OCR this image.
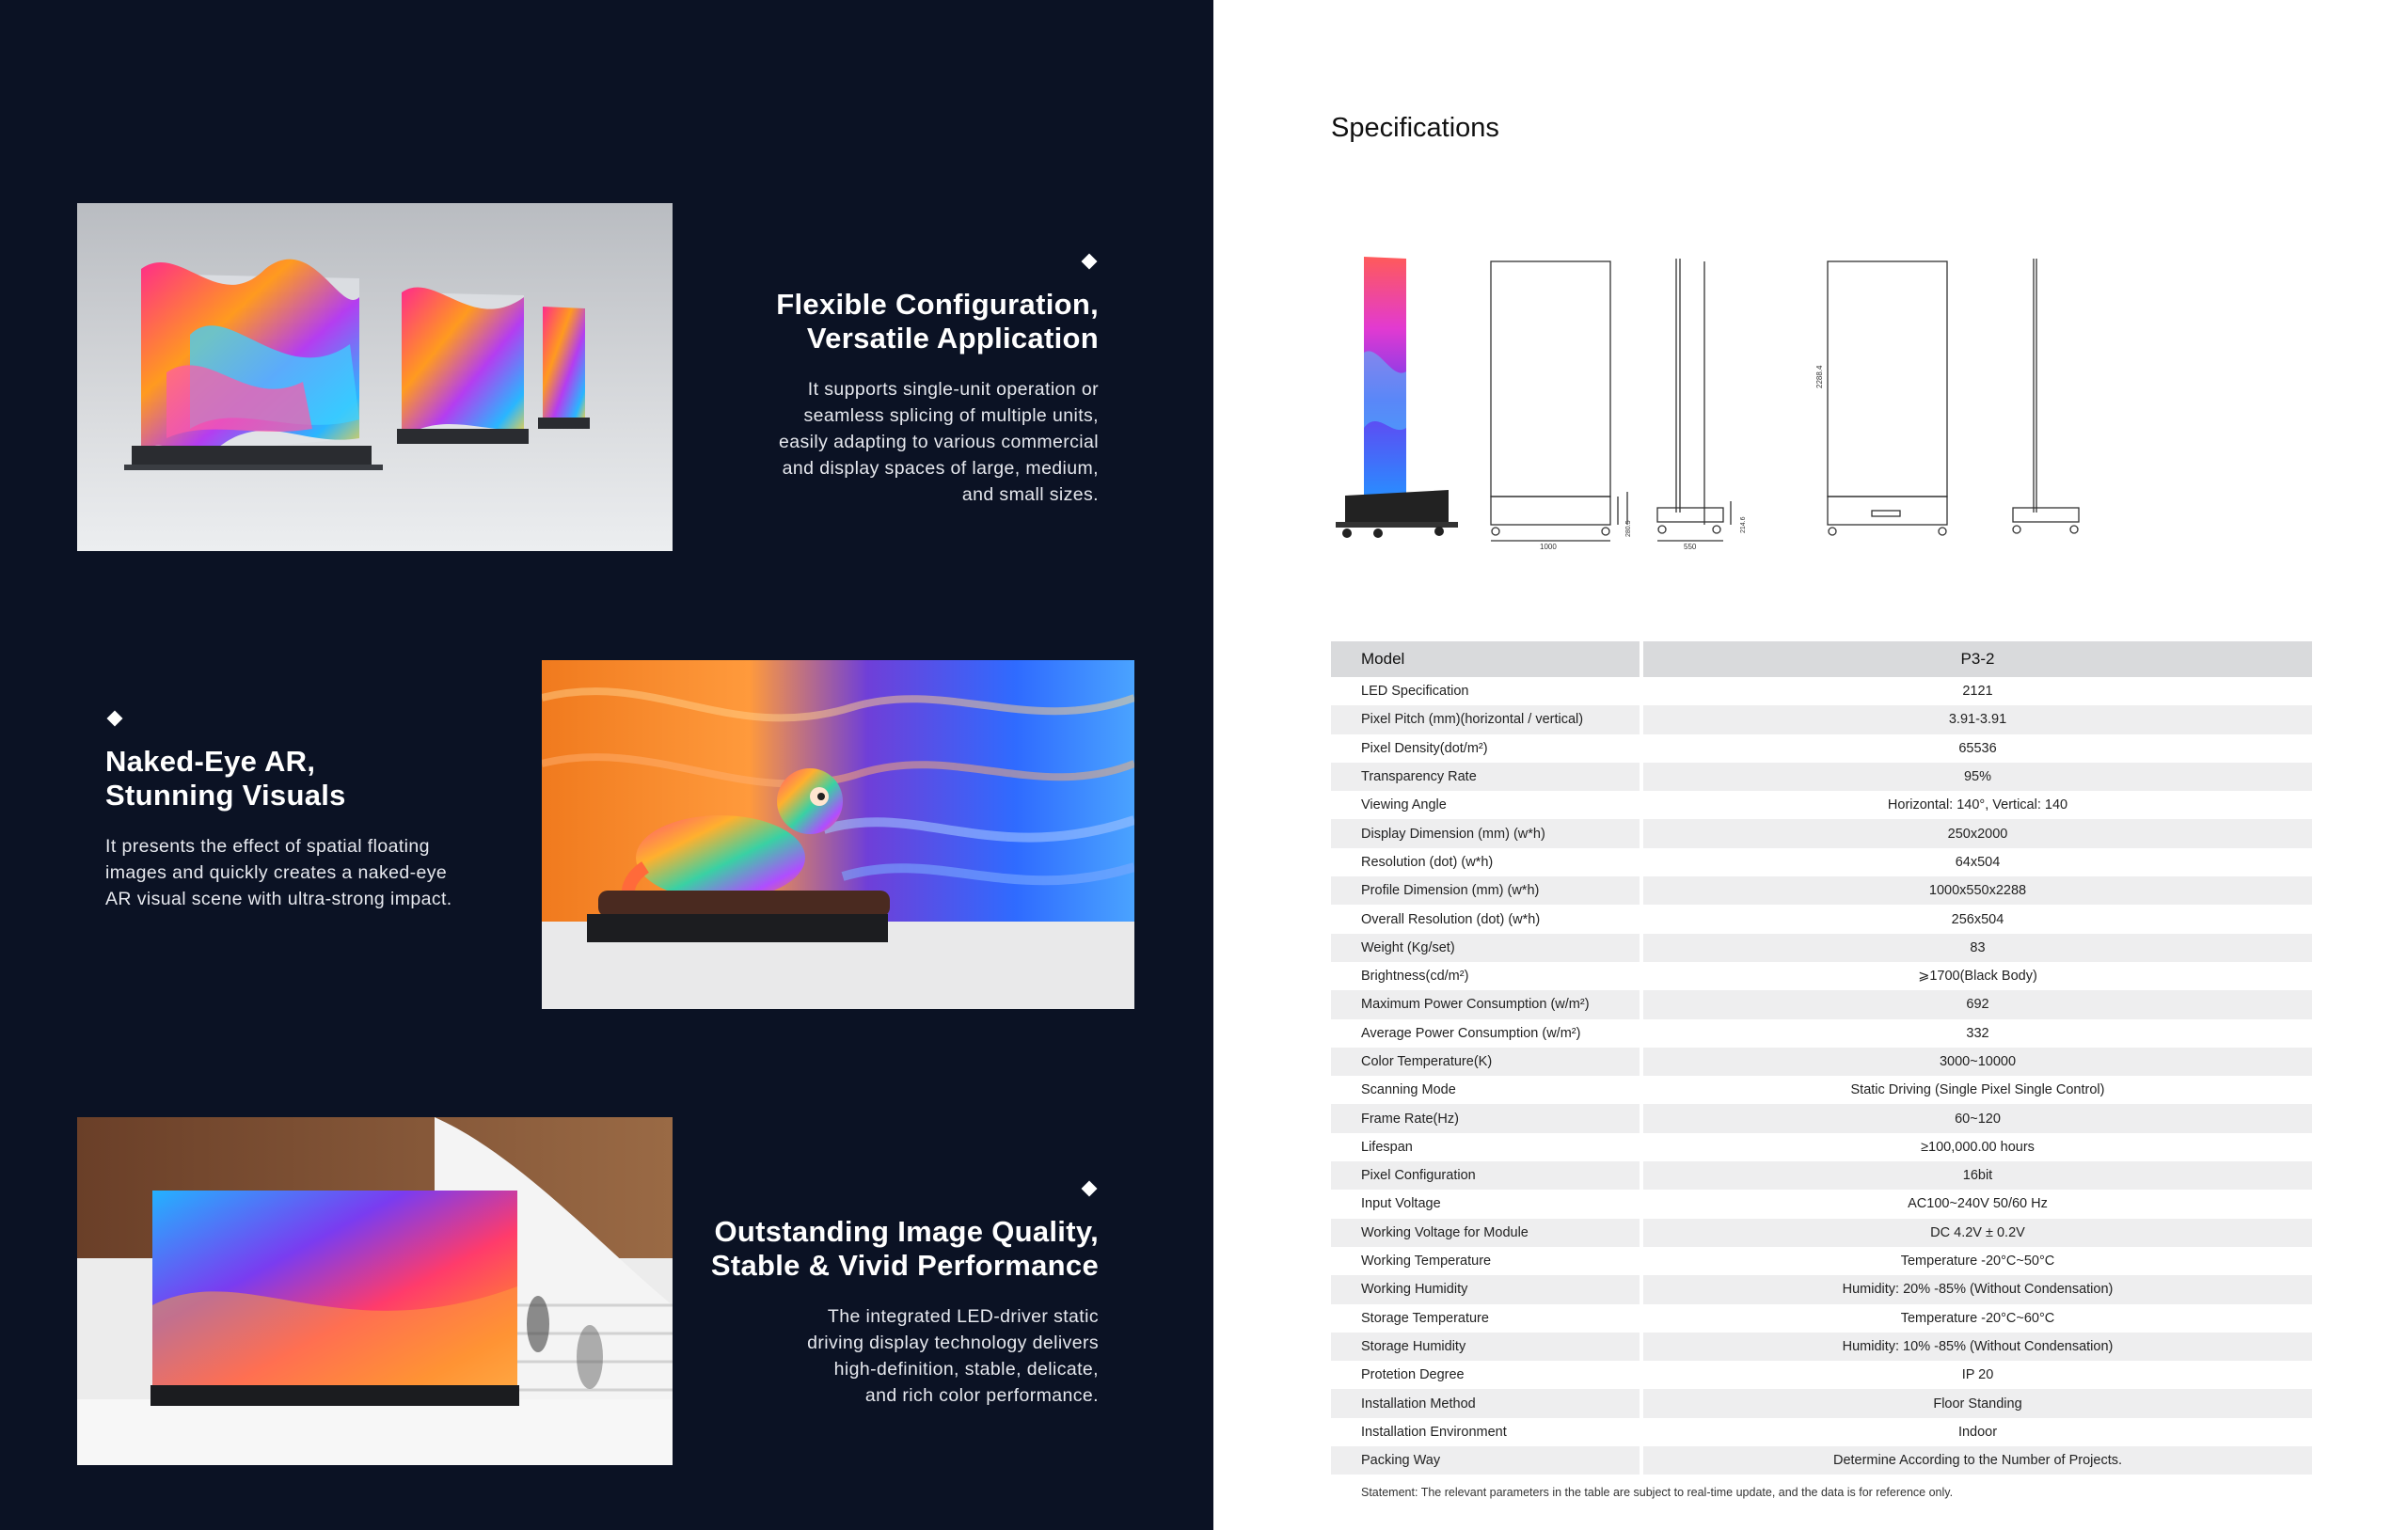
Flexible Configuration,
Versatile Application

It supports single-unit operation or
seamless splicing of multiple units,
easily adapting to various commercial
and display spaces of large, medium,
and small sizes.

Naked-Eye AR,
Stunning Visuals

It presents the effect of spatial floating
images and quickly creates a naked-eye
AR visual scene with ultra-strong impact.

Outstanding Image Quality,
Stable & Vivid Performance

The integrated LED-driver static
driving display technology delivers
high-definition, stable, delicate,
and rich color performance.

Specifications
2288.4
280.5	214.6
1000	550
Model	P3-2
LED Specification	2121
Pixel Pitch (mm)(horizontal / vertical)	3.91-3.91
Pixel Density(dot/m²)	65536
Transparency Rate	95%
Viewing Angle	Horizontal: 140°, Vertical: 140
Display Dimension (mm) (w*h)	250x2000
Resolution (dot) (w*h)	64x504
Profile Dimension (mm) (w*h)	1000x550x2288
Overall Resolution (dot) (w*h)	256x504
Weight (Kg/set)	83
Brightness(cd/m²)	⩾1700(Black Body)
Maximum Power Consumption (w/m²)	692
Average Power Consumption (w/m²)	332
Color Temperature(K)	3000~10000
Scanning Mode	Static Driving (Single Pixel Single Control)
Frame Rate(Hz)	60~120
Lifespan	≥100,000.00 hours
Pixel Configuration	16bit
Input Voltage	AC100~240V 50/60 Hz
Working Voltage for Module	DC 4.2V ± 0.2V
Working Temperature	Temperature -20°C~50°C
Working Humidity	Humidity: 20% -85% (Without Condensation)
Storage Temperature	Temperature -20°C~60°C
Storage Humidity	Humidity: 10% -85% (Without Condensation)
Protetion Degree	IP 20
Installation Method	Floor Standing
Installation Environment	Indoor
Packing Way	Determine According to the Number of Projects.
Statement: The relevant parameters in the table are subject to real-time update, and the data is for reference only.
